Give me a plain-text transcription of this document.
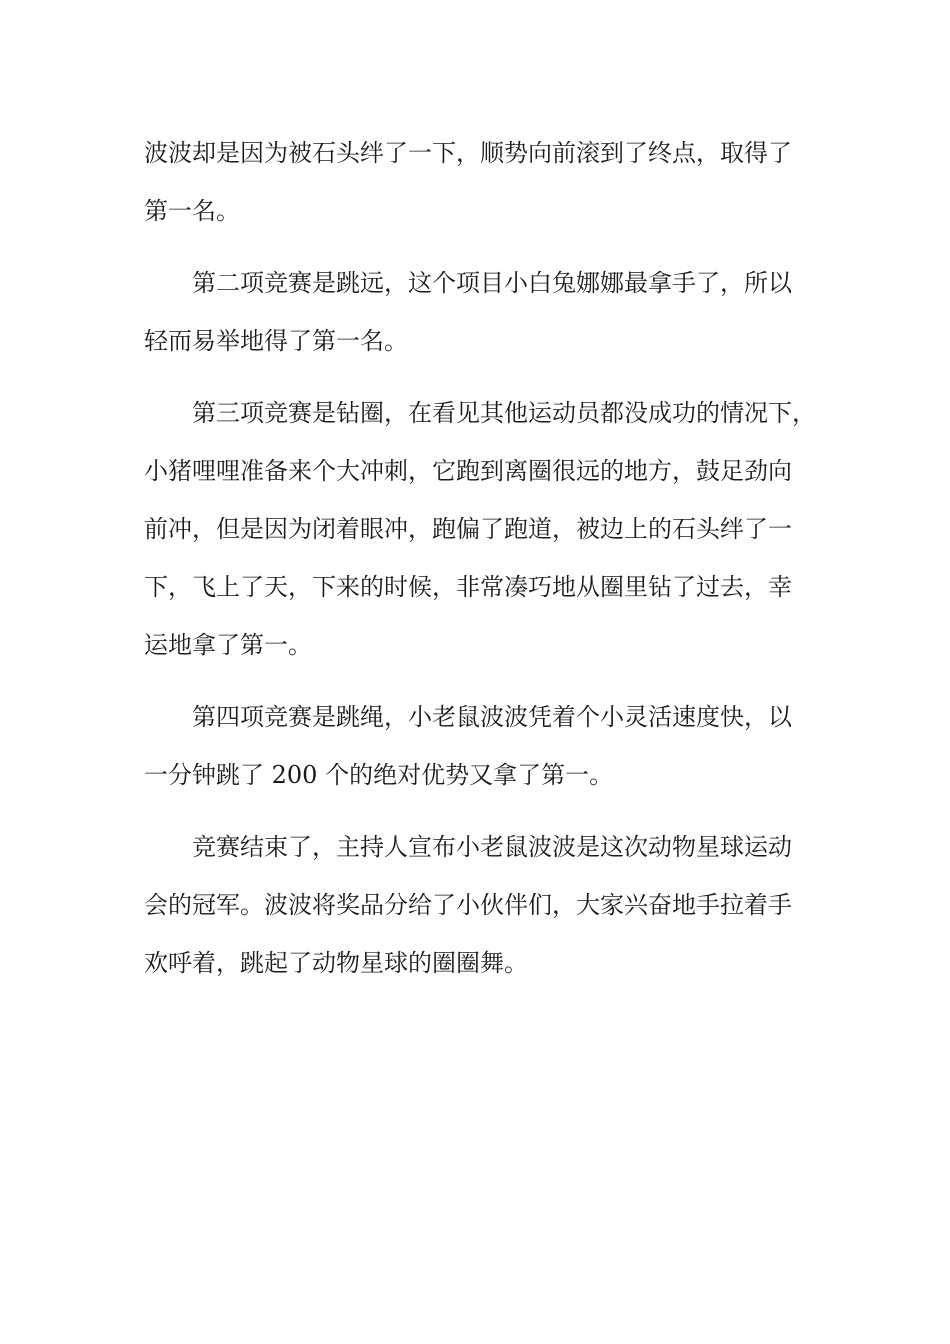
波波却是因为被石头绊了一下，顺势向前滚到了终点，取得了
第一名。
第二项竞赛是跳远，这个项目小白兔娜娜最拿手了，所以
轻而易举地得了第一名。
第三项竞赛是钻圈，在看见其他运动员都没成功的情况下，
小猪哩哩准备来个大冲刺，它跑到离圈很远的地方，鼓足劲向
前冲，但是因为闭着眼冲，跑偏了跑道，被边上的石头绊了一
下，飞上了天，下来的时候，非常凑巧地从圈里钻了过去，幸
运地拿了第一。
第四项竞赛是跳绳，小老鼠波波凭着个小灵活速度快，以
一分钟跳了 200 个的绝对优势又拿了第一。
竞赛结束了，主持人宣布小老鼠波波是这次动物星球运动
会的冠军。波波将奖品分给了小伙伴们，大家兴奋地手拉着手
欢呼着，跳起了动物星球的圈圈舞。
